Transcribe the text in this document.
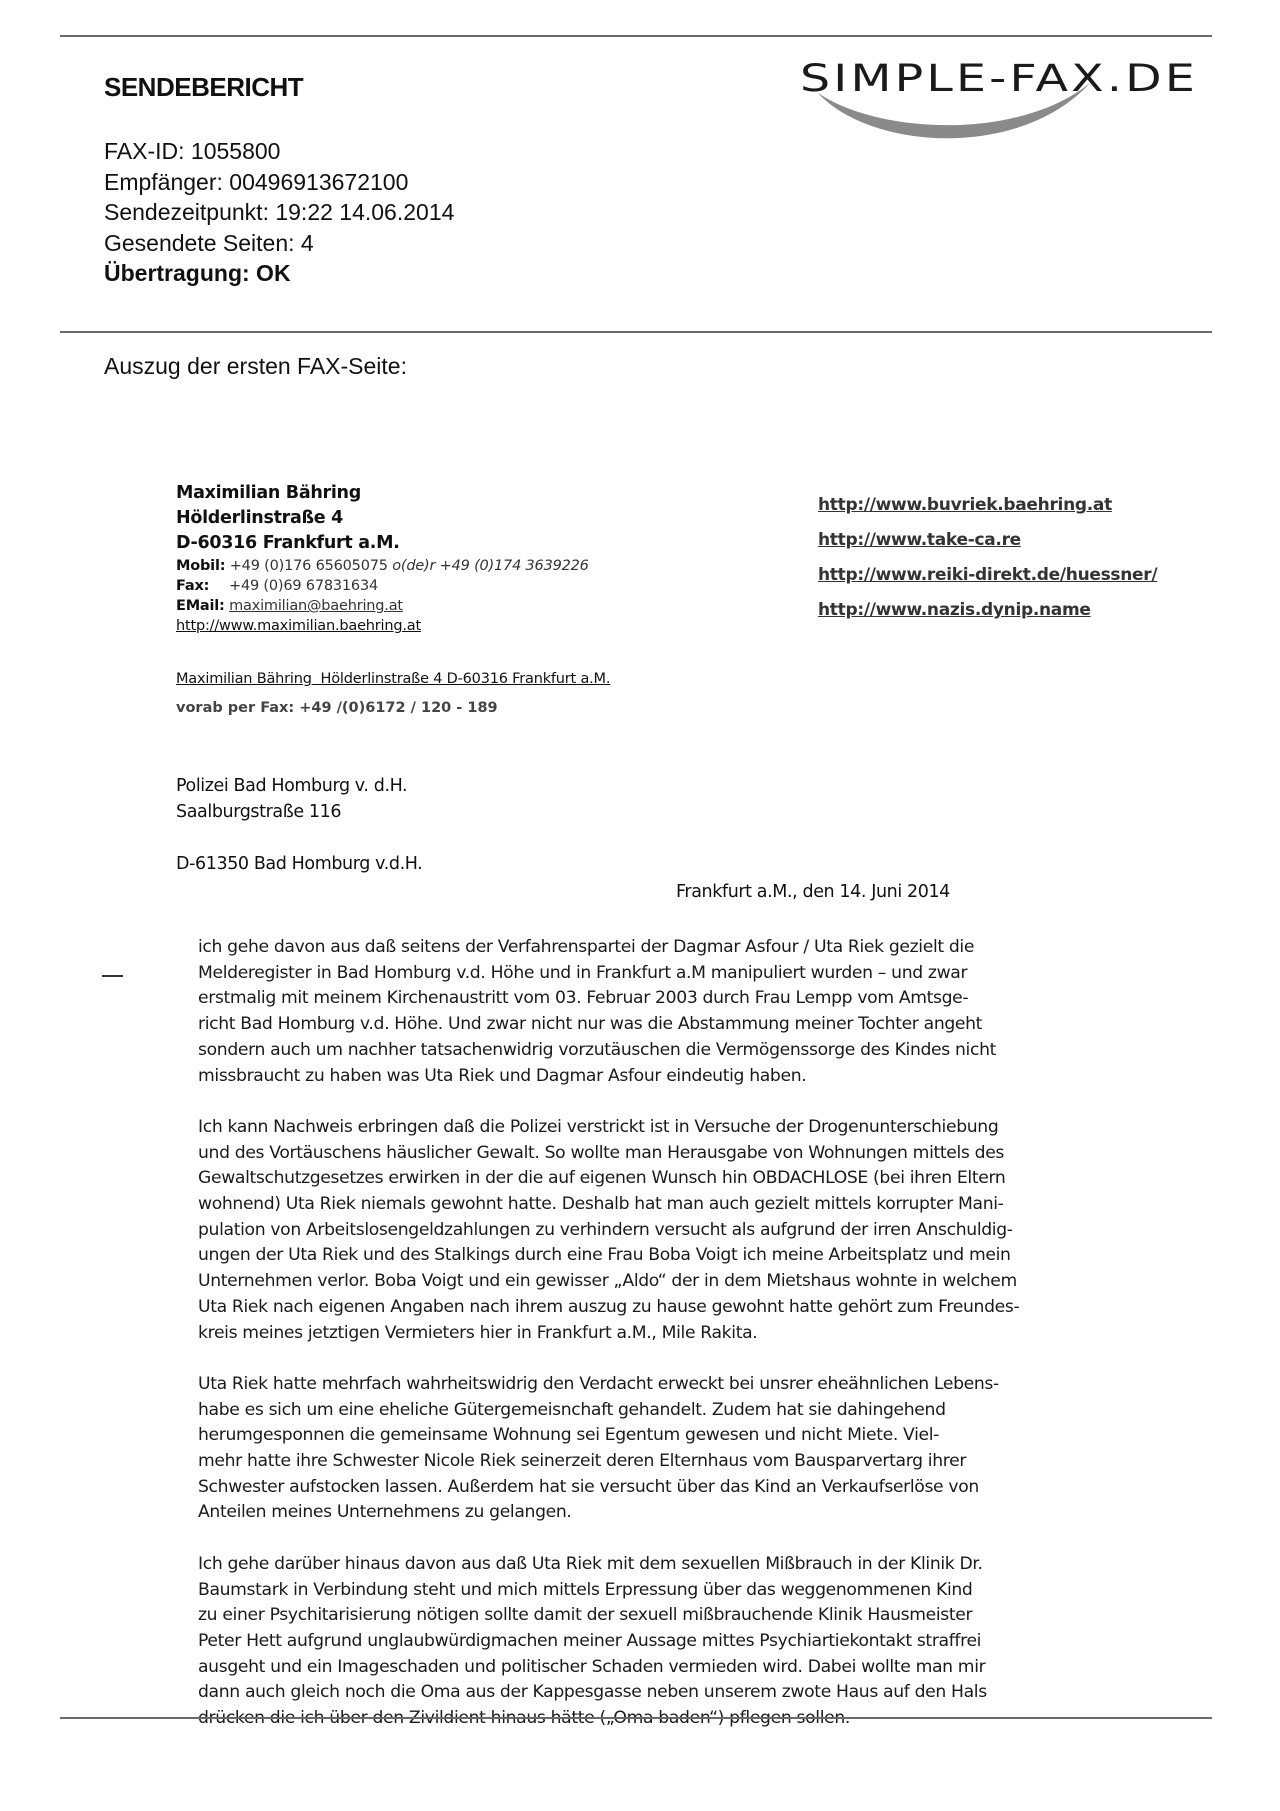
SENDEBERICHT
FAX-ID: 1055800
Empfänger: 00496913672100
Sendezeitpunkt: 19:22 14.06.2014
Gesendete Seiten: 4
Übertragung: OK
SIMPLE-FAX.DE
Auszug der ersten FAX-Seite:
Maximilian Bähring
Hölderlinstraße 4
D-60316 Frankfurt a.M.
Mobil: +49 (0)176 65605075 o(de)r +49 (0)174 3639226
Fax: +49 (0)69 67831634
EMail: maximilian@baehring.at
http://www.maximilian.baehring.at
http://www.buvriek.baehring.at
http://www.take-ca.re
http://www.reiki-direkt.de/huessner/
http://www.nazis.dynip.name
Maximilian Bähring  Hölderlinstraße 4 D-60316 Frankfurt a.M.
vorab per Fax: +49 /(0)6172 / 120 - 189
Polizei Bad Homburg v. d.H.
Saalburgstraße 116
D-61350 Bad Homburg v.d.H.
Frankfurt a.M., den 14. Juni 2014

ich gehe davon aus daß seitens der Verfahrenspartei der Dagmar Asfour / Uta Riek gezielt die
Melderegister in Bad Homburg v.d. Höhe und in Frankfurt a.M manipuliert wurden – und zwar
erstmalig mit meinem Kirchenaustritt vom 03. Februar 2003 durch Frau Lempp vom Amtsge-
richt Bad Homburg v.d. Höhe. Und zwar nicht nur was die Abstammung meiner Tochter angeht
sondern auch um nachher tatsachenwidrig vorzutäuschen die Vermögenssorge des Kindes nicht
missbraucht zu haben was Uta Riek und Dagmar Asfour eindeutig haben.

Ich kann Nachweis erbringen daß die Polizei verstrickt ist in Versuche der Drogenunterschiebung
und des Vortäuschens häuslicher Gewalt. So wollte man Herausgabe von Wohnungen mittels des
Gewaltschutzgesetzes erwirken in der die auf eigenen Wunsch hin OBDACHLOSE (bei ihren Eltern
wohnend) Uta Riek niemals gewohnt hatte. Deshalb hat man auch gezielt mittels korrupter Mani-
pulation von Arbeitslosengeldzahlungen zu verhindern versucht als aufgrund der irren Anschuldig-
ungen der Uta Riek und des Stalkings durch eine Frau Boba Voigt ich meine Arbeitsplatz und mein
Unternehmen verlor. Boba Voigt und ein gewisser „Aldo“ der in dem Mietshaus wohnte in welchem
Uta Riek nach eigenen Angaben nach ihrem auszug zu hause gewohnt hatte gehört zum Freundes-
kreis meines jetztigen Vermieters hier in Frankfurt a.M., Mile Rakita.

Uta Riek hatte mehrfach wahrheitswidrig den Verdacht erweckt bei unsrer eheähnlichen Lebens-
habe es sich um eine eheliche Gütergemeisnchaft gehandelt. Zudem hat sie dahingehend
herumgesponnen die gemeinsame Wohnung sei Egentum gewesen und nicht Miete. Viel-
mehr hatte ihre Schwester Nicole Riek seinerzeit deren Elternhaus vom Bausparvertarg ihrer
Schwester aufstocken lassen. Außerdem hat sie versucht über das Kind an Verkaufserlöse von
Anteilen meines Unternehmens zu gelangen.

Ich gehe darüber hinaus davon aus daß Uta Riek mit dem sexuellen Mißbrauch in der Klinik Dr.
Baumstark in Verbindung steht und mich mittels Erpressung über das weggenommenen Kind
zu einer Psychitarisierung nötigen sollte damit der sexuell mißbrauchende Klinik Hausmeister
Peter Hett aufgrund unglaubwürdigmachen meiner Aussage mittes Psychiartiekontakt straffrei
ausgeht und ein Imageschaden und politischer Schaden vermieden wird. Dabei wollte man mir
dann auch gleich noch die Oma aus der Kappesgasse neben unserem zwote Haus auf den Hals
drücken die ich über den Zivildient hinaus hätte („Oma baden“) pflegen sollen.
